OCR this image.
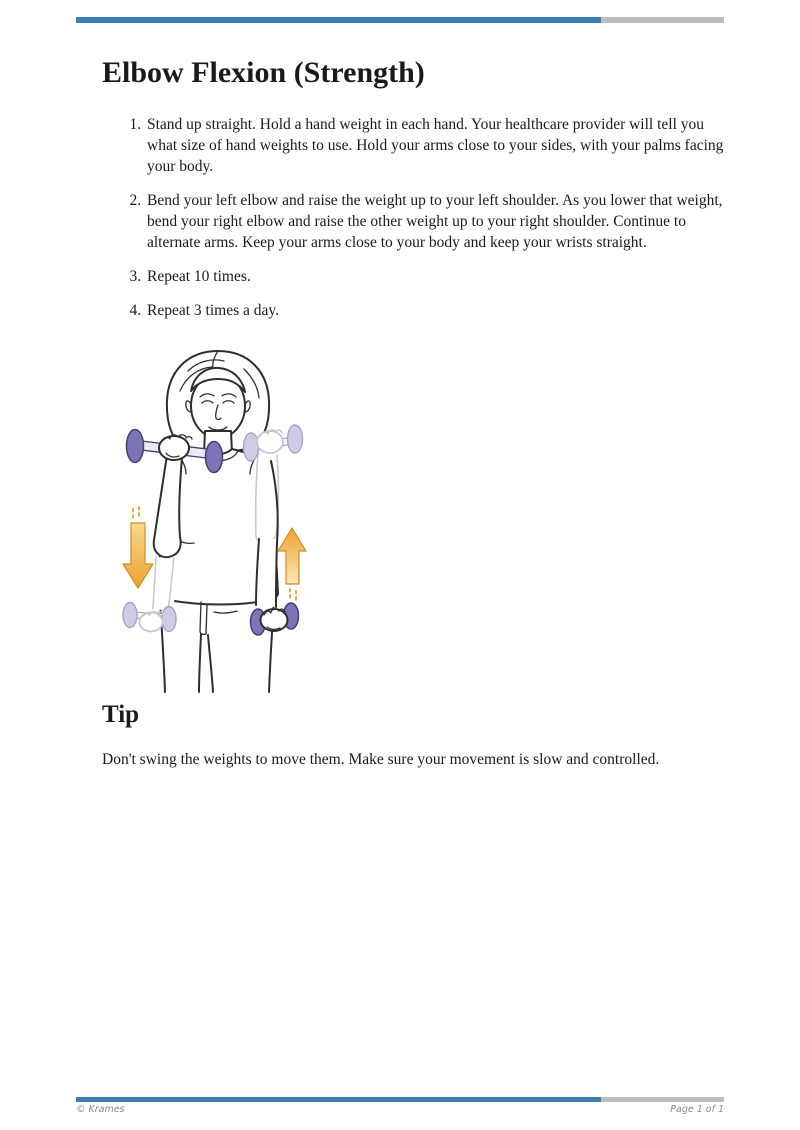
Elbow Flexion (Strength)
1. Stand up straight. Hold a hand weight in each hand. Your healthcare provider will tell you what size of hand weights to use. Hold your arms close to your sides, with your palms facing your body.
2. Bend your left elbow and raise the weight up to your left shoulder. As you lower that weight, bend your right elbow and raise the other weight up to your right shoulder. Continue to alternate arms. Keep your arms close to your body and keep your wrists straight.
3. Repeat 10 times.
4. Repeat 3 times a day.
Tip

Don't swing the weights to move them. Make sure your movement is slow and controlled.

© Krames	Page 1 of 1
